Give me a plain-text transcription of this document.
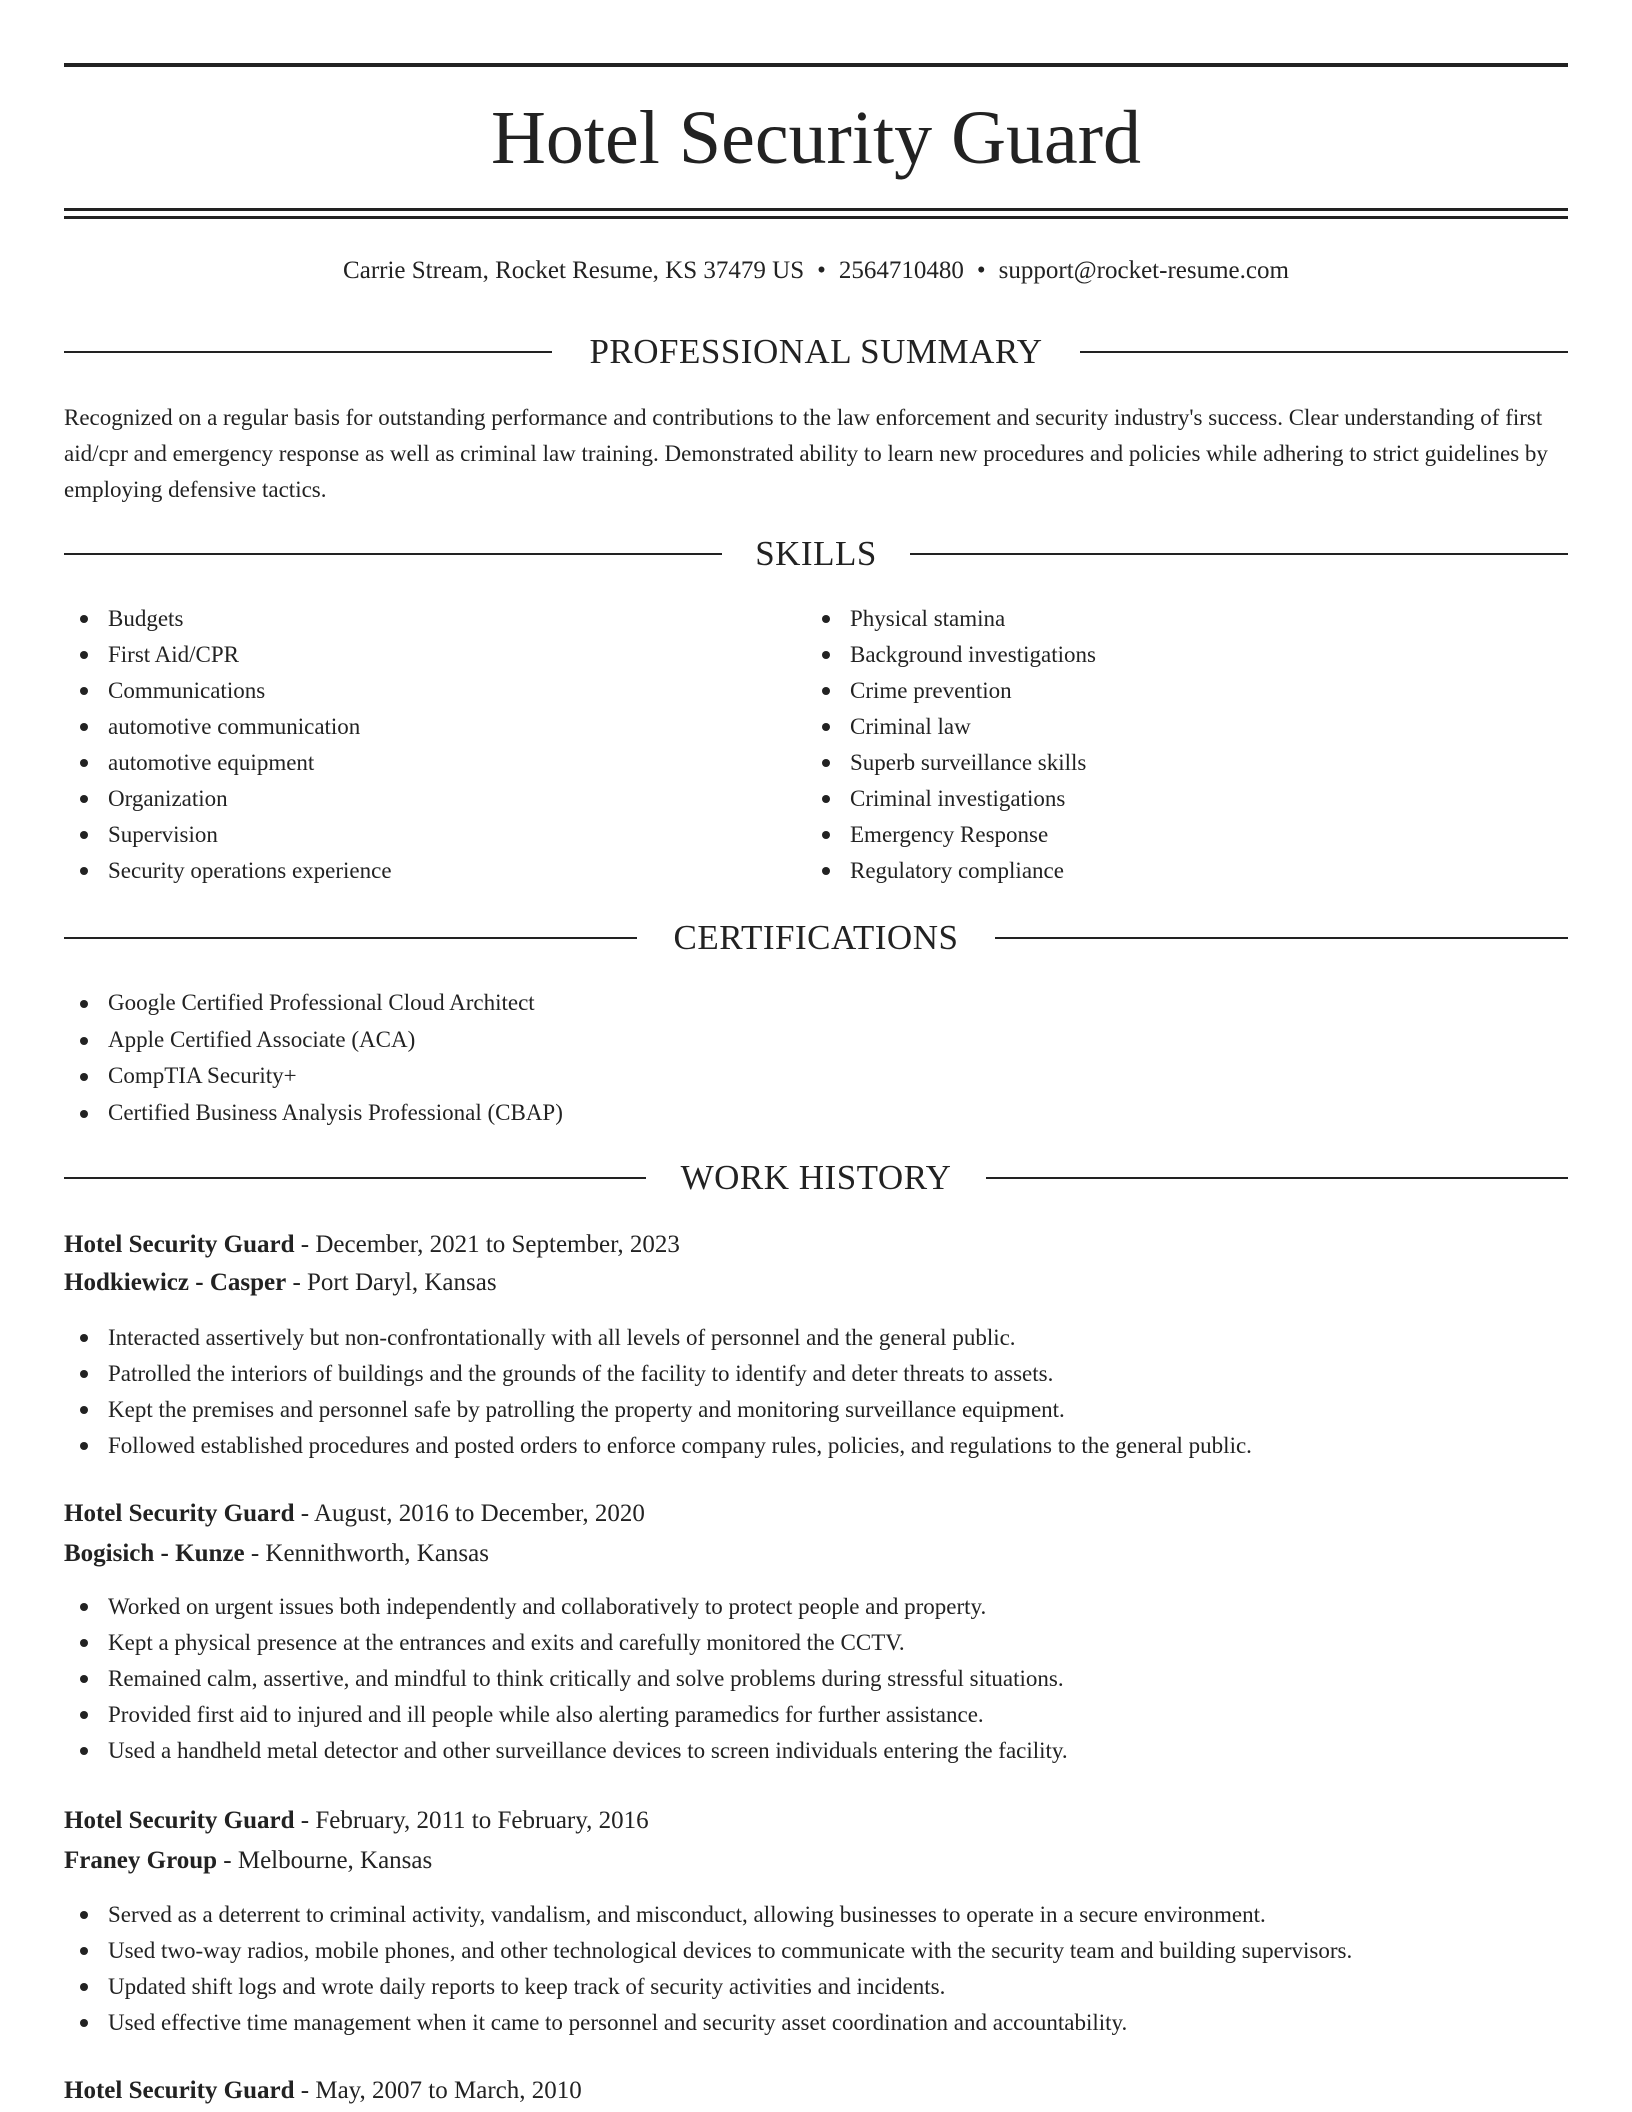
Hotel Security Guard
Carrie Stream, Rocket Resume, KS 37479 US • 2564710480 • support@rocket-resume.com
PROFESSIONAL SUMMARY
Recognized on a regular basis for outstanding performance and contributions to the law enforcement and security industry's success. Clear understanding of first aid/cpr and emergency response as well as criminal law training. Demonstrated ability to learn new procedures and policies while adhering to strict guidelines by employing defensive tactics.
SKILLS
Budgets
First Aid/CPR
Communications
automotive communication
automotive equipment
Organization
Supervision
Security operations experience
Physical stamina
Background investigations
Crime prevention
Criminal law
Superb surveillance skills
Criminal investigations
Emergency Response
Regulatory compliance
CERTIFICATIONS
Google Certified Professional Cloud Architect
Apple Certified Associate (ACA)
CompTIA Security+
Certified Business Analysis Professional (CBAP)
WORK HISTORY
Hotel Security Guard - December, 2021 to September, 2023
Hodkiewicz - Casper - Port Daryl, Kansas
Interacted assertively but non-confrontationally with all levels of personnel and the general public.
Patrolled the interiors of buildings and the grounds of the facility to identify and deter threats to assets.
Kept the premises and personnel safe by patrolling the property and monitoring surveillance equipment.
Followed established procedures and posted orders to enforce company rules, policies, and regulations to the general public.
Hotel Security Guard - August, 2016 to December, 2020
Bogisich - Kunze - Kennithworth, Kansas
Worked on urgent issues both independently and collaboratively to protect people and property.
Kept a physical presence at the entrances and exits and carefully monitored the CCTV.
Remained calm, assertive, and mindful to think critically and solve problems during stressful situations.
Provided first aid to injured and ill people while also alerting paramedics for further assistance.
Used a handheld metal detector and other surveillance devices to screen individuals entering the facility.
Hotel Security Guard - February, 2011 to February, 2016
Franey Group - Melbourne, Kansas
Served as a deterrent to criminal activity, vandalism, and misconduct, allowing businesses to operate in a secure environment.
Used two-way radios, mobile phones, and other technological devices to communicate with the security team and building supervisors.
Updated shift logs and wrote daily reports to keep track of security activities and incidents.
Used effective time management when it came to personnel and security asset coordination and accountability.
Hotel Security Guard - May, 2007 to March, 2010
